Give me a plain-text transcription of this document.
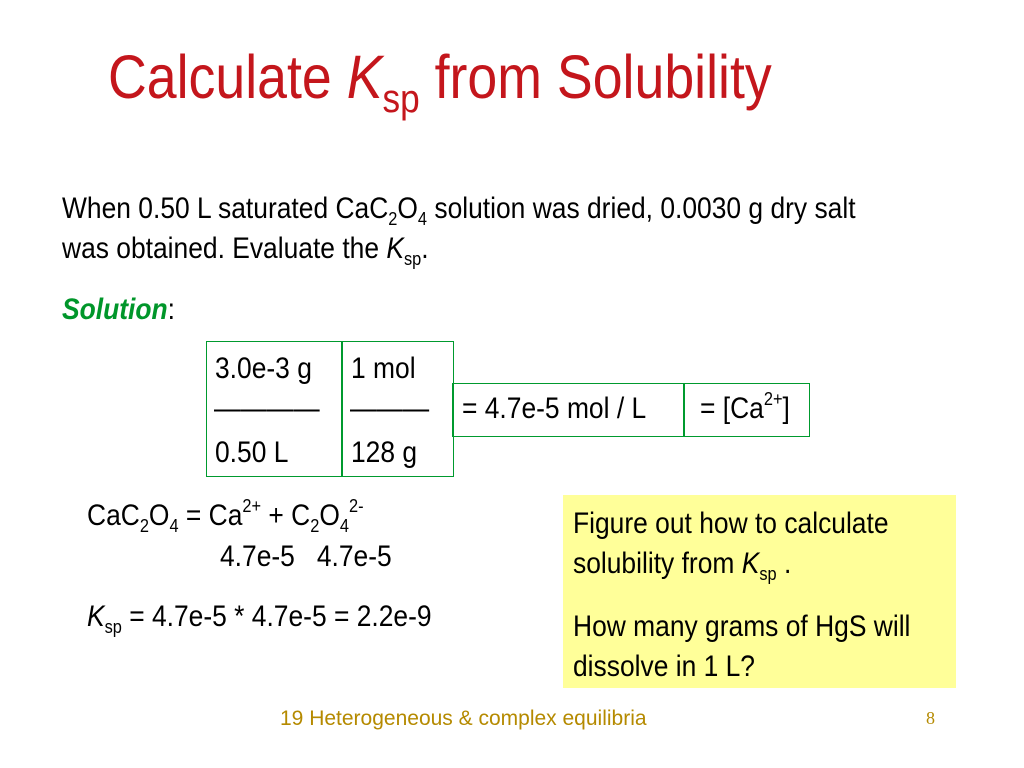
Calculate $K_{sp}$ from Solubility
When 0.50 L saturated $CaC_2O_4$ solution was dried, 0.0030 g dry salt
was obtained. Evaluate the $K_{sp}$.
Solution:
3.0e-3 g
————
0.50 L
1 mol
———
128 g
= 4.7e-5 mol / $L = [Ca^{2+}]$
$CaC_2O_4 = Ca^{2+} + C_2O_4^{2-}$
4.7e-5   4.7e-5
$K_{sp} = 4.7e-5 * 4.7e-5 = 2.2e-9$
Figure out how to calculate
solubility from $K_{sp}$ .
How many grams of HgS will
dissolve in 1 L?
19 Heterogeneous & complex equilibria	8
